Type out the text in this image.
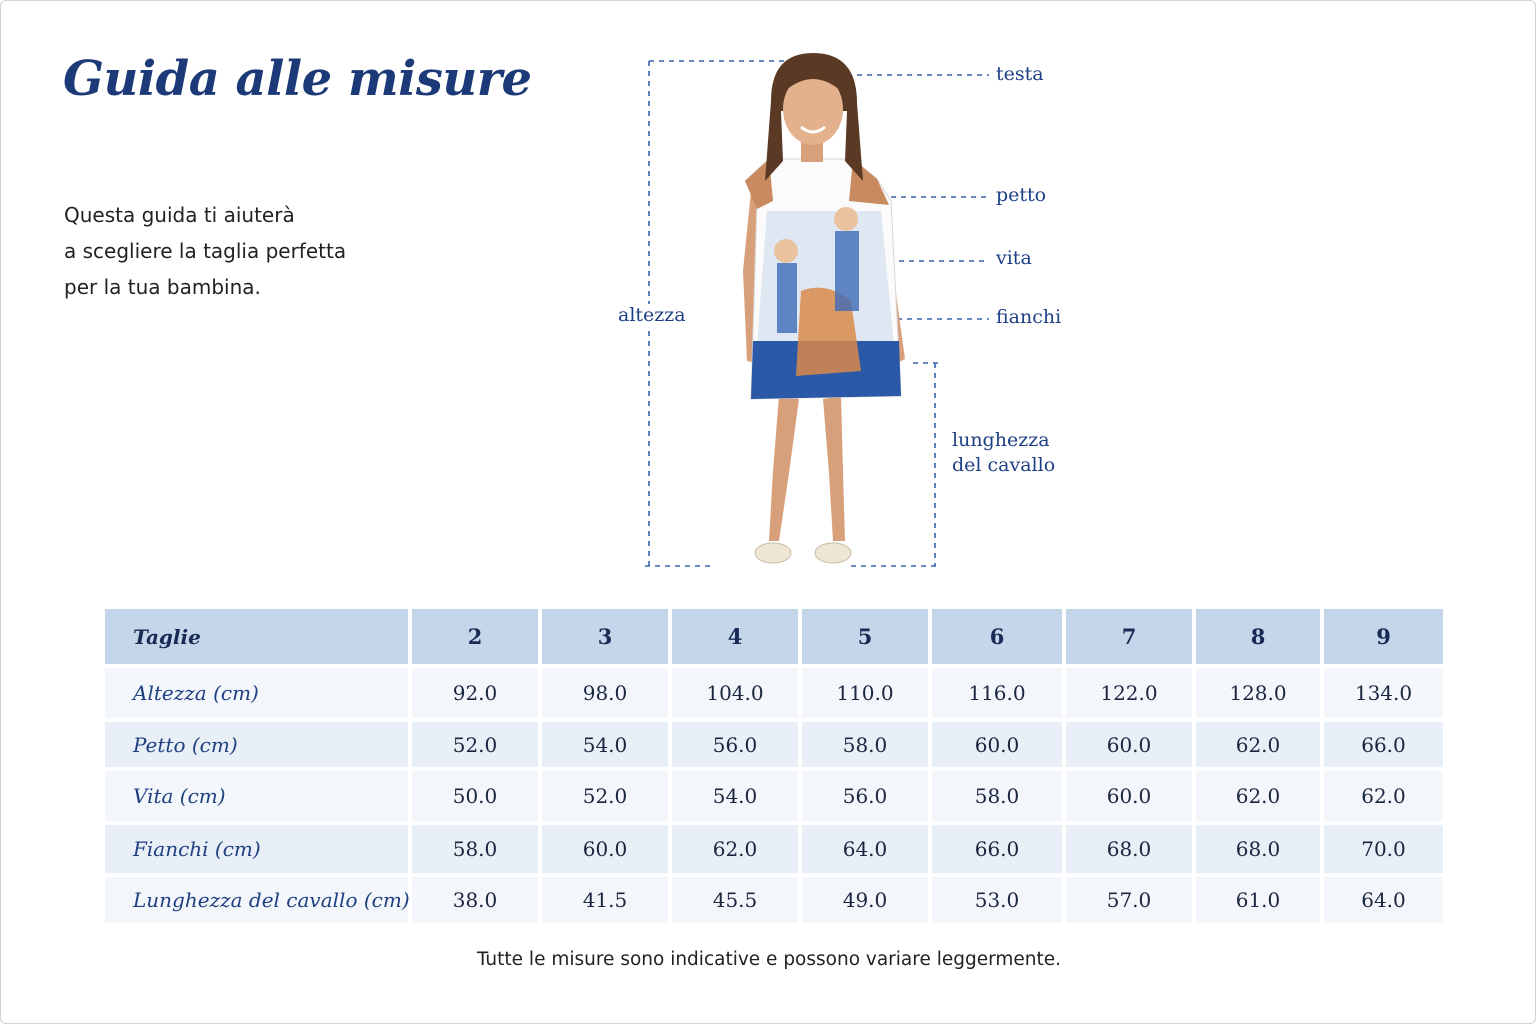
Guida alle misure

Questa guida ti aiuterà
a scegliere la taglia perfetta
per la tua bambina.

testa
petto
vita
fianchi
altezza
lunghezza
del cavallo
Taglie	2	3	4	5	6	7	8	9
Altezza (cm)	92.0	98.0	104.0	110.0	116.0	122.0	128.0	134.0
Petto (cm)	52.0	54.0	56.0	58.0	60.0	60.0	62.0	66.0
Vita (cm)	50.0	52.0	54.0	56.0	58.0	60.0	62.0	62.0
Fianchi (cm)	58.0	60.0	62.0	64.0	66.0	68.0	68.0	70.0
Lunghezza del cavallo (cm)	38.0	41.5	45.5	49.0	53.0	57.0	61.0	64.0

Tutte le misure sono indicative e possono variare leggermente.
